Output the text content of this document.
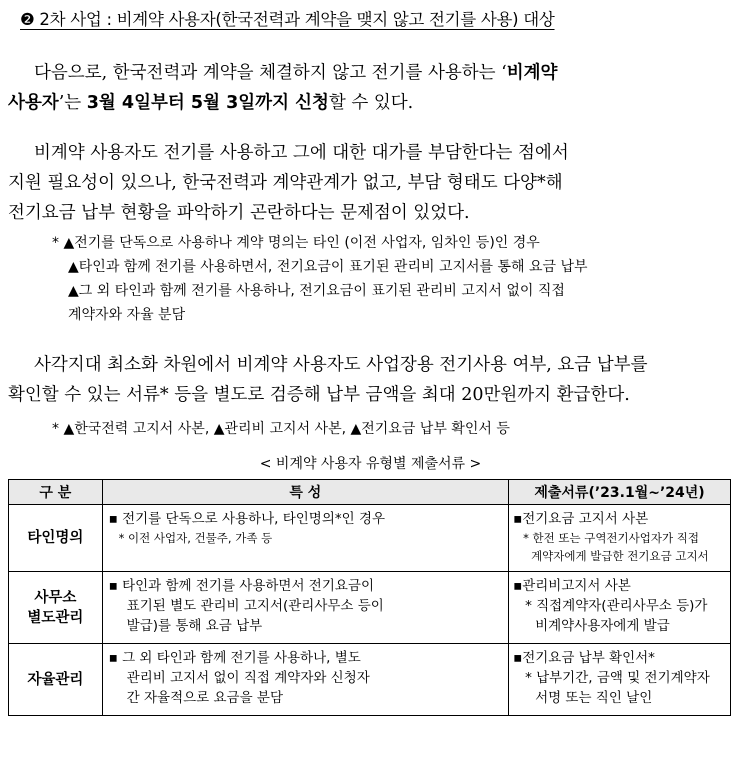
❷ 2차 사업 : 비계약 사용자(한국전력과 계약을 맺지 않고 전기를 사용) 대상
다음으로, 한국전력과 계약을 체결하지 않고 전기를 사용하는 ‘비계약
사용자’는 3월 4일부터 5월 3일까지 신청할 수 있다.
비계약 사용자도 전기를 사용하고 그에 대한 대가를 부담한다는 점에서
지원 필요성이 있으나, 한국전력과 계약관계가 없고, 부담 형태도 다양*해
전기요금 납부 현황을 파악하기 곤란하다는 문제점이 있었다.
* ▲전기를 단독으로 사용하나 계약 명의는 타인 (이전 사업자, 임차인 등)인 경우
▲타인과 함께 전기를 사용하면서, 전기요금이 표기된 관리비 고지서를 통해 요금 납부
▲그 외 타인과 함께 전기를 사용하나, 전기요금이 표기된 관리비 고지서 없이 직접
계약자와 자율 분담
사각지대 최소화 차원에서 비계약 사용자도 사업장용 전기사용 여부, 요금 납부를
확인할 수 있는 서류* 등을 별도로 검증해 납부 금액을 최대 20만원까지 환급한다.
* ▲한국전력 고지서 사본, ▲관리비 고지서 사본, ▲전기요금 납부 확인서 등
< 비계약 사용자 유형별 제출서류 >
구 분	특 성	제출서류(’23.1월~’24년)
타인명의	▪ 전기를 단독으로 사용하나, 타인명의*인 경우
* 이전 사업자, 건물주, 가족 등	▪전기요금 고지서 사본
* 한전 또는 구역전기사업자가 직접
계약자에게 발급한 전기요금 고지서

사무소
별도관리	▪ 타인과 함께 전기를 사용하면서 전기요금이
표기된 별도 관리비 고지서(관리사무소 등이
발급)를 통해 요금 납부	▪관리비고지서 사본
* 직접계약자(관리사무소 등)가
비계약사용자에게 발급

자율관리	▪ 그 외 타인과 함께 전기를 사용하나, 별도
관리비 고지서 없이 직접 계약자와 신청자
간 자율적으로 요금을 분담	▪전기요금 납부 확인서*
* 납부기간, 금액 및 전기계약자
서명 또는 직인 날인
